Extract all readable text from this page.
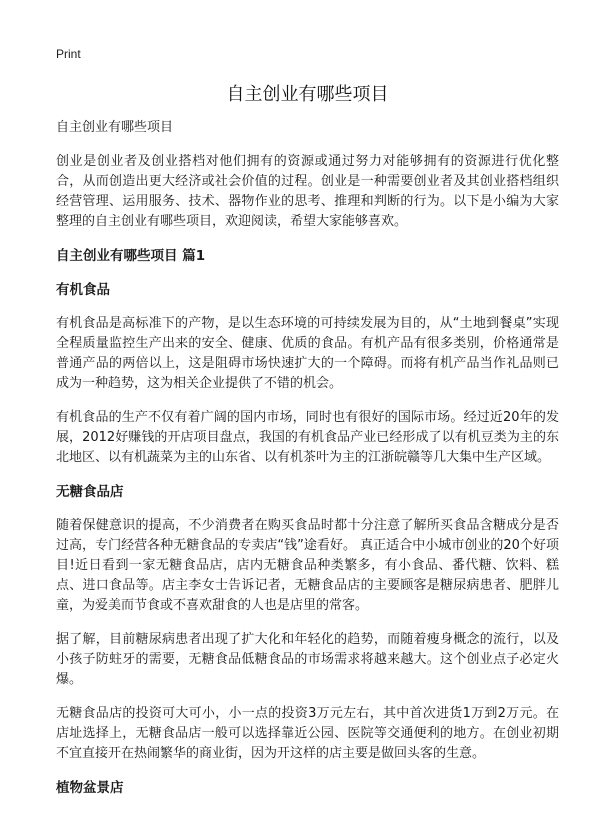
Print
自主创业有哪些项目
自主创业有哪些项目

创业是创业者及创业搭档对他们拥有的资源或通过努力对能够拥有的资源进行优化整合，从而创造出更大经济或社会价值的过程。创业是一种需要创业者及其创业搭档组织经营管理、运用服务、技术、器物作业的思考、推理和判断的行为。以下是小编为大家整理的自主创业有哪些项目，欢迎阅读，希望大家能够喜欢。

自主创业有哪些项目 篇1
有机食品

有机食品是高标准下的产物，是以生态环境的可持续发展为目的，从“土地到餐桌”实现全程质量监控生产出来的安全、健康、优质的食品。有机产品有很多类别，价格通常是普通产品的两倍以上，这是阻碍市场快速扩大的一个障碍。而将有机产品当作礼品则已成为一种趋势，这为相关企业提供了不错的机会。

有机食品的生产不仅有着广阔的国内市场，同时也有很好的国际市场。经过近20年的发展，2012好赚钱的开店项目盘点，我国的有机食品产业已经形成了以有机豆类为主的东北地区、以有机蔬菜为主的山东省、以有机茶叶为主的江浙皖赣等几大集中生产区域。

无糖食品店

随着保健意识的提高，不少消费者在购买食品时都十分注意了解所买食品含糖成分是否过高，专门经营各种无糖食品的专卖店“钱”途看好。 真正适合中小城市创业的20个好项目!近日看到一家无糖食品店，店内无糖食品种类繁多，有小食品、番代糖、饮料、糕点、进口食品等。店主李女士告诉记者，无糖食品店的主要顾客是糖尿病患者、肥胖儿童，为爱美而节食或不喜欢甜食的人也是店里的常客。

据了解，目前糖尿病患者出现了扩大化和年轻化的趋势，而随着瘦身概念的流行，以及小孩子防蛀牙的需要，无糖食品低糖食品的市场需求将越来越大。这个创业点子必定火爆。

无糖食品店的投资可大可小，小一点的投资3万元左右，其中首次进货1万到2万元。在店址选择上，无糖食品店一般可以选择靠近公园、医院等交通便利的地方。在创业初期不宜直接开在热闹繁华的商业街，因为开这样的店主要是做回头客的生意。

植物盆景店
